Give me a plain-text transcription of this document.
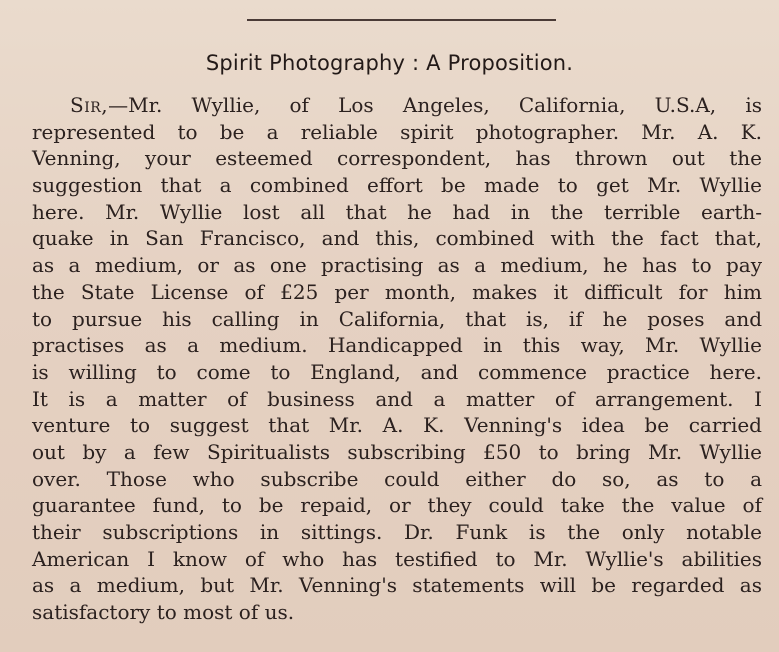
Spirit Photography : A Proposition.
Sir,—Mr. Wyllie, of Los Angeles, California, U.S.A, is
represented to be a reliable spirit photographer. Mr. A. K.
Venning, your esteemed correspondent, has thrown out the
suggestion that a combined effort be made to get Mr. Wyllie
here. Mr. Wyllie lost all that he had in the terrible earth-
quake in San Francisco, and this, combined with the fact that,
as a medium, or as one practising as a medium, he has to pay
the State License of £25 per month, makes it difficult for him
to pursue his calling in California, that is, if he poses and
practises as a medium. Handicapped in this way, Mr. Wyllie
is willing to come to England, and commence practice here.
It is a matter of business and a matter of arrangement. I
venture to suggest that Mr. A. K. Venning's idea be carried
out by a few Spiritualists subscribing £50 to bring Mr. Wyllie
over. Those who subscribe could either do so, as to a
guarantee fund, to be repaid, or they could take the value of
their subscriptions in sittings. Dr. Funk is the only notable
American I know of who has testified to Mr. Wyllie's abilities
as a medium, but Mr. Venning's statements will be regarded as
satisfactory to most of us.
